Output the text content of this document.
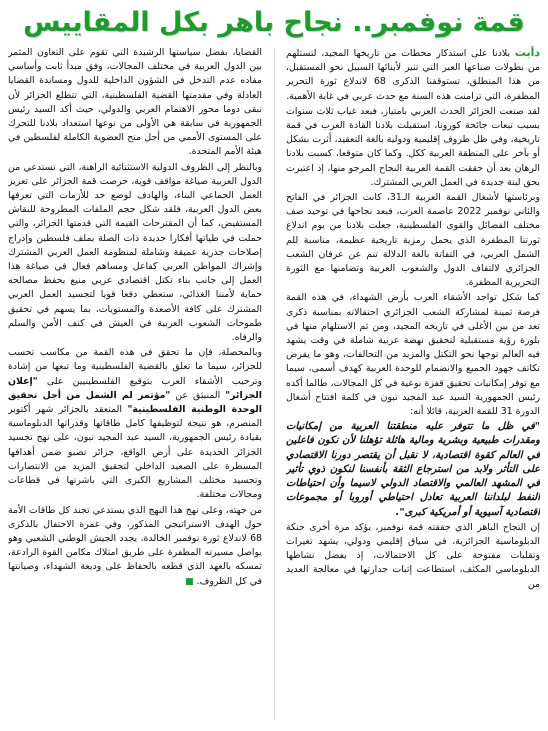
قمة نوفمبر.. نجاح باهر بكل المقاييس

دأبت بلادنا على استذكار محطات من تاريخها المجيد، لتستلهم من بطولات صناعها العبر التي تنير لأبنائها السبيل نحو المستقبل، من هذا المنطلق، تستوقفنا الذكرى 68 لاندلاع ثورة التحرير المظفرة، التي تزامنت هذه السنة مع حدث عربي في غاية الأهمية.

لقد صنعت الجزائر الحدث العربي بامتياز، فبعد غياب ثلاث سنوات بسبب تبعات جائحة كورونا، استقبلت بلادنا القادة العرب في قمة تاريخية، وفي ظل ظروف إقليمية ودولية بالغة التعقيد، أثرت بشكل أو بآخر على المنطقة العربية ككل. وكما كان متوقعا، كسبت بلادنا الرهان بعد أن حققت القمة العربية النجاح المرجو منها، إذ اعتبرت بحق لبنة جديدة في العمل العربي المشترك.

وبرئاستها لأشغال القمة العربية الـ31، كانت الجزائر في الفاتح والثاني نوفمبر 2022 عاصمة العرب، فبعد نجاحها في توحيد صف مختلف الفصائل والقوى الفلسطينية، جعلت بلادنا من يوم اندلاع ثورتنا المظفرة الذي يحمل رمزية تاريخية عظيمة، مناسبة للم الشمل العربي، في التفاتة بالغة الدلالة تنم عن عرفان الشعب الجزائري لالتفاف الدول والشعوب العربية وتضامنها مع الثورة التحريرية المظفرة.

كما شكل تواجد الأشقاء العرب بأرض الشهداء، في هذه القمة فرصة ثمينة لمشاركة الشعب الجزائري احتفالاته بمناسبة ذكرى تعد من بين الأغلى في تاريخه المجيد، ومن ثم الاستلهام منها في بلورة رؤية مستقبلية لتحقيق نهضة عربية شاملة في وقت يشهد فيه العالم توجها نحو التكتل والمزيد من التحالفات، وهو ما يفرض تكاتف جهود الجميع والانضمام للوحدة العربية كهدف أسمى، سيما مع توفر إمكانيات تحقيق قفزة نوعية في كل المجالات، طالما أكده رئيس الجمهورية السيد عبد المجيد تبون في كلمة افتتاح أشغال الدورة 31 للقمة العربية، قائلا أنه:

"في ظل ما تتوفر عليه منطقتنا العربية من إمكانيات ومقدرات طبيعية وبشرية ومالية هائلة تؤهلنا لأن نكون فاعلين في العالم كقوة اقتصادية، لا نقبل أن يقتصر دورنا الاقتصادي على التأثر ولابد من استرجاع الثقة بأنفسنا لنكون ذوي تأثير في المشهد العالمي والاقتصاد الدولي لاسيما وأن احتياطات النفط لبلداننا العربية تعادل احتياطي أوروبا أو مجموعات اقتصادية آسيوية أو أمريكية كبرى".

إن النجاح الباهر الذي حققته قمة نوفمبر، يؤكد مرة أخرى حنكة الدبلوماسية الجزائرية، في سياق إقليمي ودولي، يشهد تغيرات وتقلبات مفتوحة على كل الاحتمالات، إذ بفضل نشاطها الدبلوماسي المكثف، استطاعت إثبات جدارتها في معالجة العديد من

القضايا، بفضل سياستها الرشيدة التي تقوم على التعاون المثمر بين الدول العربية في مختلف المجالات، وفق مبدأ ثابت وأساسي مفاده عدم التدخل في الشؤون الداخلية للدول ومساندة القضايا العادلة وفي مقدمتها القضية الفلسطينية، التي تتطلع الجزائر لأن تبقى دوما محور الاهتمام العربي والدولي، حيث أكد السيد رئيس الجمهورية في سابقة هي الأولى من نوعها استعداد بلادنا للتحرك على المستوى الأممي من أجل منح العضوية الكاملة لفلسطين في هيئة الأمم المتحدة.

وبالنظر إلى الظروف الدولية الاستثنائية الراهنة، التي تستدعي من الدول العربية صياغة مواقف قوية، حرصت قمة الجزائر على تعزيز العمل الجماعي البناء، والهادف لوضع حد للأزمات التي تعرفها بعض الدول العربية، فلقد شكل حجم الملفات المطروحة للنقاش المستفيض، كما أن المقترحات القيمة التي قدمتها الجزائر، والتي حملت في طياتها أفكارا جديدة ذات الصلة بملف فلسطين وإدراج إصلاحات جذرية عميقة وشاملة لمنظومة العمل العربي المشترك وإشراك المواطن العربي كفاعل ومساهم فعال في صياغة هذا العمل إلى جانب بناء تكتل اقتصادي عربي منيع يحفظ مصالحه حماية لأمننا الغذائي، ستعطي دفعا قويا لتجسيد العمل العربي المشترك على كافة الأصعدة والمستويات، بما يسهم في تحقيق طموحات الشعوب العربية في العيش في كنف الأمن والسلم والرفاه.

وبالمحصلة، فإن ما تحقق في هذه القمة من مكاسب تحسب للجزائر، سيما ما تعلق بالقضية الفلسطينية وما تبعها من إشادة وترحيب الأشقاء العرب بتوقيع الفلسطينيين على "إعلان الجزائر" المنبثق عن "مؤتمر لم الشمل من أجل تحقيق الوحدة الوطنية الفلسطينية" المنعقد بالجزائر شهر أكتوبر المنصرم، هو نتيجة لتوظيفها كامل طاقاتها وقدراتها الدبلوماسية بقيادة رئيس الجمهورية، السيد عبد المجيد تبون، على نهج تجسيد الجزائر الجديدة على أرض الواقع، جزائر تصبو ضمن أهدافها المسطرة على الصعيد الداخلي لتحقيق المزيد من الانتصارات وتجسيد مختلف المشاريع الكبرى التي باشرتها في قطاعات ومجالات مختلفة.

من جهته، وعلى نهج هذا النهج الذي يستدعي تجند كل طاقات الأمة حول الهدف الاستراتيجي المذكور، وفي غمرة الاحتفال بالذكرى 68 لاندلاع ثورة نوفمبر الخالدة، يجدد الجيش الوطني الشعبي وهو يواصل مسيرته المظفرة على طريق امتلاك مكامن القوة الرادعة، تمسكه بالعهد الذي قطعه بالحفاظ على وديعة الشهداء، وصيانتها في كل الظروف. ■
